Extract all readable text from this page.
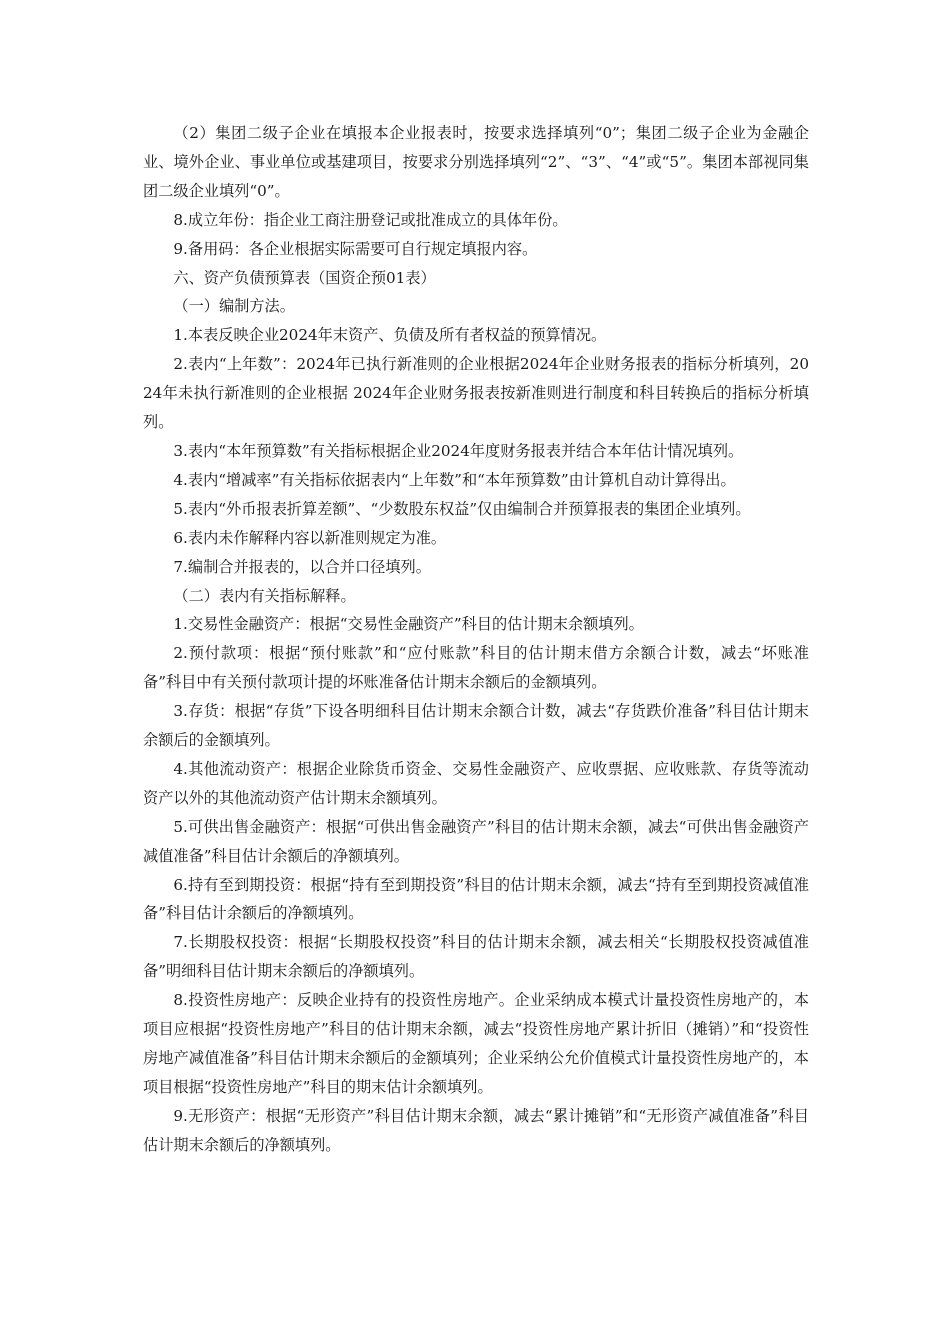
（2）集团二级子企业在填报本企业报表时，按要求选择填列“0”；集团二级子企业为金融企业、境外企业、事业单位或基建项目，按要求分别选择填列“2”、“3”、“4”或“5”。集团本部视同集团二级企业填列“0”。

8.成立年份：指企业工商注册登记或批准成立的具体年份。

9.备用码：各企业根据实际需要可自行规定填报内容。

六、资产负债预算表（国资企预01表）

（一）编制方法。

1.本表反映企业2024年末资产、负债及所有者权益的预算情况。

2.表内“上年数”：2024年已执行新准则的企业根据2024年企业财务报表的指标分析填列，2024年未执行新准则的企业根据 2024年企业财务报表按新准则进行制度和科目转换后的指标分析填列。

3.表内“本年预算数”有关指标根据企业2024年度财务报表并结合本年估计情况填列。

4.表内“增减率”有关指标依据表内“上年数”和“本年预算数”由计算机自动计算得出。

5.表内“外币报表折算差额”、“少数股东权益”仅由编制合并预算报表的集团企业填列。

6.表内未作解释内容以新准则规定为准。

7.编制合并报表的，以合并口径填列。

（二）表内有关指标解释。

1.交易性金融资产：根据“交易性金融资产”科目的估计期末余额填列。

2.预付款项：根据“预付账款”和“应付账款”科目的估计期末借方余额合计数，减去“坏账准备”科目中有关预付款项计提的坏账准备估计期末余额后的金额填列。

3.存货：根据“存货”下设各明细科目估计期末余额合计数，减去“存货跌价准备”科目估计期末余额后的金额填列。

4.其他流动资产：根据企业除货币资金、交易性金融资产、应收票据、应收账款、存货等流动资产以外的其他流动资产估计期末余额填列。

5.可供出售金融资产：根据“可供出售金融资产”科目的估计期末余额，减去“可供出售金融资产减值准备”科目估计余额后的净额填列。

6.持有至到期投资：根据“持有至到期投资”科目的估计期末余额，减去“持有至到期投资减值准备”科目估计余额后的净额填列。

7.长期股权投资：根据“长期股权投资”科目的估计期末余额，减去相关“长期股权投资减值准备”明细科目估计期末余额后的净额填列。

8.投资性房地产：反映企业持有的投资性房地产。企业采纳成本模式计量投资性房地产的，本项目应根据“投资性房地产”科目的估计期末余额，减去“投资性房地产累计折旧（摊销）”和“投资性房地产减值准备”科目估计期末余额后的金额填列；企业采纳公允价值模式计量投资性房地产的，本项目根据“投资性房地产”科目的期末估计余额填列。

9.无形资产：根据“无形资产”科目估计期末余额，减去“累计摊销”和“无形资产减值准备”科目估计期末余额后的净额填列。
